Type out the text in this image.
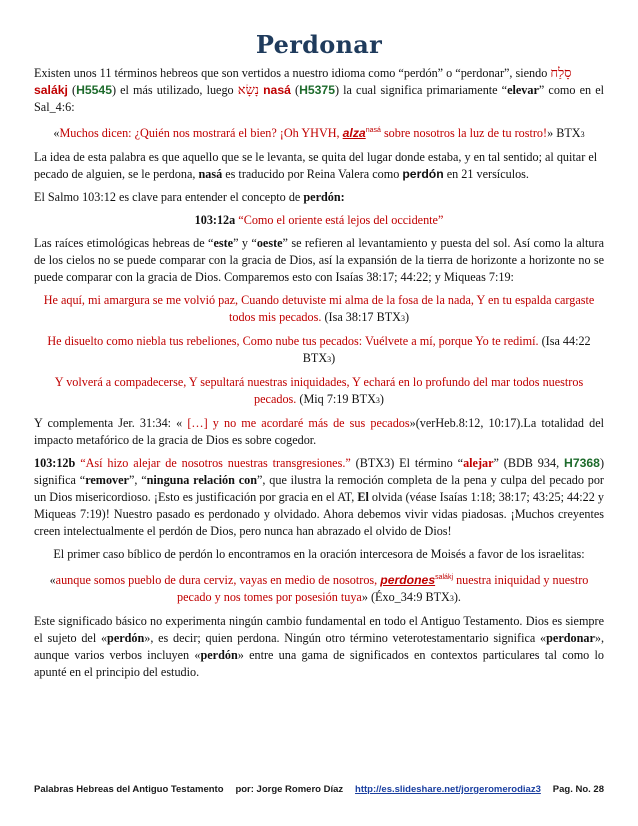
Perdonar

Existen unos 11 términos hebreos que son vertidos a nuestro idioma como “perdón” o “perdonar”, siendo סָלַח
salákj (H5545) el más utilizado, luego נָשָׂא nasá (H5375) la cual significa primariamente “elevar” como en el Sal_4:6:

«Muchos dicen: ¿Quién nos mostrará el bien? ¡Oh YHVH, alza$^{nasá}$ sobre nosotros la luz de tu rostro!» BTX3

La idea de esta palabra es que aquello que se le levanta, se quita del lugar donde estaba, y en tal sentido; al quitar el pecado de alguien, se le perdona, nasá es traducido por Reina Valera como perdón en 21 versículos.

El Salmo 103:12 es clave para entender el concepto de perdón:

103:12a “Como el oriente está lejos del occidente”

Las raíces etimológicas hebreas de “este” y “oeste” se refieren al levantamiento y puesta del sol. Así como la altura de los cielos no se puede comparar con la gracia de Dios, así la expansión de la tierra de horizonte a horizonte no se puede comparar con la gracia de Dios. Comparemos esto con Isaías 38:17; 44:22; y Miqueas 7:19:

He aquí, mi amargura se me volvió paz, Cuando detuviste mi alma de la fosa de la nada, Y en tu espalda cargaste todos mis pecados. (Isa 38:17 BTX3)

He disuelto como niebla tus rebeliones, Como nube tus pecados: Vuélvete a mí, porque Yo te redimí. (Isa 44:22 BTX3)

Y volverá a compadecerse, Y sepultará nuestras iniquidades, Y echará en lo profundo del mar todos nuestros pecados. (Miq 7:19 BTX3)

Y complementa Jer. 31:34: « […] y no me acordaré más de sus pecados»(verHeb.8:12, 10:17).La totalidad del impacto metafórico de la gracia de Dios es sobre cogedor.

103:12b “Así hizo alejar de nosotros nuestras transgresiones.” (BTX3) El término “alejar” (BDB 934, H7368) significa “remover”, “ninguna relación con”, que ilustra la remoción completa de la pena y culpa del pecado por un Dios misericordioso. ¡Esto es justificación por gracia en el AT, El olvida (véase Isaías 1:18; 38:17; 43:25; 44:22 y Miqueas 7:19)! Nuestro pasado es perdonado y olvidado. Ahora debemos vivir vidas piadosas. ¡Muchos creyentes creen intelectualmente el perdón de Dios, pero nunca han abrazado el olvido de Dios!

El primer caso bíblico de perdón lo encontramos en la oración intercesora de Moisés a favor de los israelitas:

«aunque somos pueblo de dura cerviz, vayas en medio de nosotros, perdones$^{salákj}$ nuestra iniquidad y nuestro pecado y nos tomes por posesión tuya» (Éxo_34:9 BTX3).

Este significado básico no experimenta ningún cambio fundamental en todo el Antiguo Testamento. Dios es siempre el sujeto del «perdón», es decir; quien perdona. Ningún otro término veterotestamentario significa «perdonar», aunque varios verbos incluyen «perdón» entre una gama de significados en contextos particulares tal como lo apunté en el principio del estudio.

Palabras Hebreas del Antiguo Testamento por: Jorge Romero Díaz http://es.slideshare.net/jorgeromerodiaz3 Pag. No. 28
